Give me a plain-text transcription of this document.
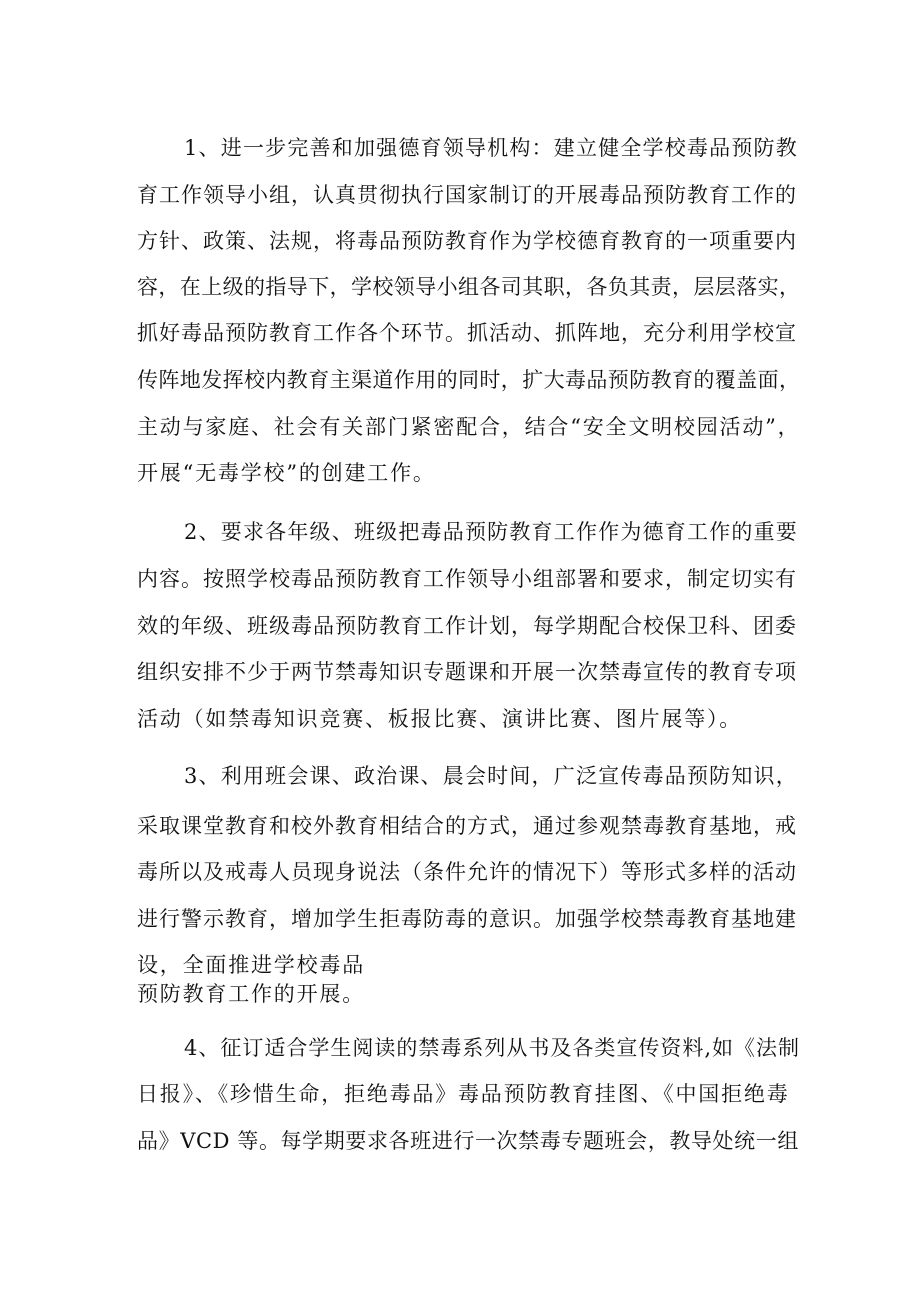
1、进一步完善和加强德育领导机构：建立健全学校毒品预防教
育工作领导小组，认真贯彻执行国家制订的开展毒品预防教育工作的
方针、政策、法规，将毒品预防教育作为学校德育教育的一项重要内
容，在上级的指导下，学校领导小组各司其职，各负其责，层层落实，
抓好毒品预防教育工作各个环节。抓活动、抓阵地，充分利用学校宣
传阵地发挥校内教育主渠道作用的同时，扩大毒品预防教育的覆盖面，
主动与家庭、社会有关部门紧密配合，结合“安全文明校园活动”，
开展“无毒学校”的创建工作。
2、要求各年级、班级把毒品预防教育工作作为德育工作的重要
内容。按照学校毒品预防教育工作领导小组部署和要求，制定切实有
效的年级、班级毒品预防教育工作计划，每学期配合校保卫科、团委
组织安排不少于两节禁毒知识专题课和开展一次禁毒宣传的教育专项
活动（如禁毒知识竞赛、板报比赛、演讲比赛、图片展等）。
3、利用班会课、政治课、晨会时间，广泛宣传毒品预防知识，
采取课堂教育和校外教育相结合的方式，通过参观禁毒教育基地，戒
毒所以及戒毒人员现身说法（条件允许的情况下）等形式多样的活动
进行警示教育，增加学生拒毒防毒的意识。加强学校禁毒教育基地建
设，全面推进学校毒品
预防教育工作的开展。
4、征订适合学生阅读的禁毒系列从书及各类宣传资料,如《法制
日报》、《珍惜生命，拒绝毒品》毒品预防教育挂图、《中国拒绝毒
品》VCD 等。每学期要求各班进行一次禁毒专题班会，教导处统一组
